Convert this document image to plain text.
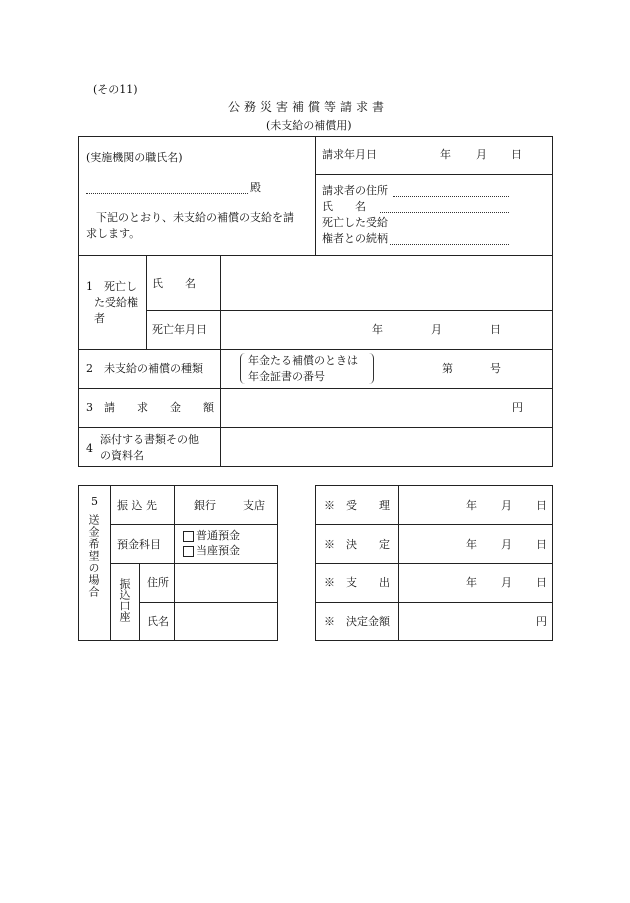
(その11)
公務災害補償等請求書
(未支給の補償用)
(実施機関の職氏名)
殿
下記のとおり、未支給の補償の支給を請
求します。
請求年月日	年 月 日
請求者の住所
氏　　名
死亡した受給
権者との続柄
1　死亡し
た受給権
者
氏　　名
死亡年月日	年	月	日
2　未支給の補償の種類
年金たる補償のときは
年金証書の番号
第	号
3　請　　求　　金　　額	円
4
添付する書類その他
の資料名
5
送金希望の場合
振 込 先	銀行 支店
預金科目
普通預金
当座預金
振込口座 住所
氏名
※　受　　理	年 月 日
※　決　　定	年 月 日
※　支　　出	年 月 日
※　決定金額	円
